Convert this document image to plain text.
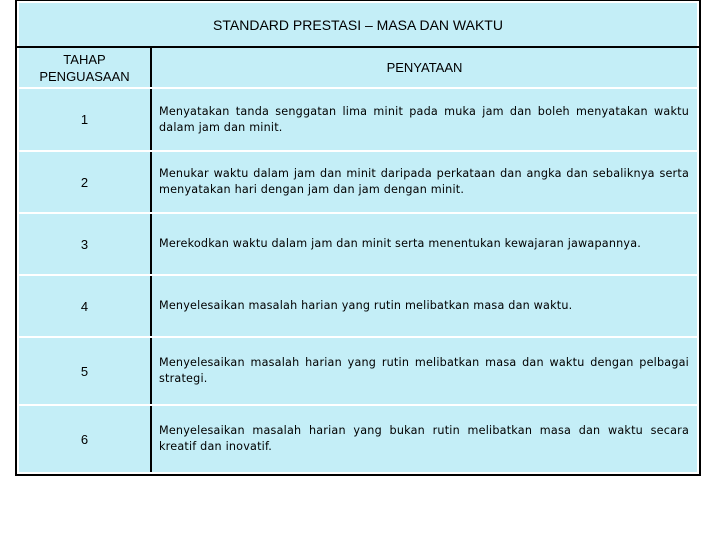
STANDARD PRESTASI – MASA DAN WAKTU	
TAHAP PENGUASAAN	PENYATAAN
1	Menyatakan tanda senggatan lima minit pada muka jam dan boleh menyatakan waktu dalam jam dan minit.
2	Menukar waktu dalam jam dan minit daripada perkataan dan angka dan sebaliknya serta menyatakan hari dengan jam dan jam dengan minit.
3	Merekodkan waktu dalam jam dan minit serta menentukan kewajaran jawapannya.
4	Menyelesaikan masalah harian yang rutin melibatkan masa dan waktu.
5	Menyelesaikan masalah harian yang rutin melibatkan masa dan waktu dengan pelbagai strategi.
6	Menyelesaikan masalah harian yang bukan rutin melibatkan masa dan waktu secara kreatif dan inovatif.
